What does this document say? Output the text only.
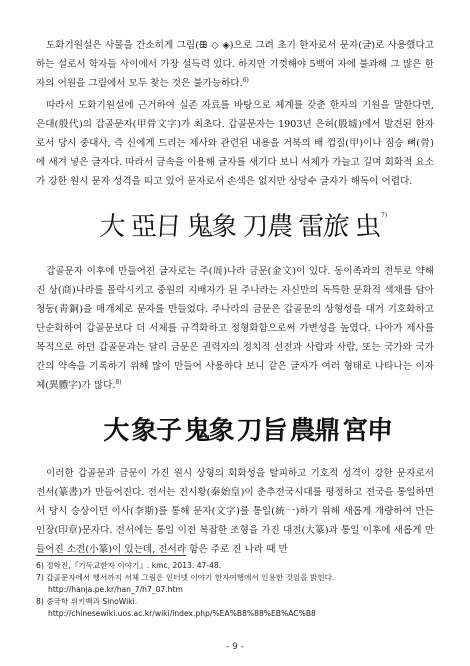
도화기원설은 사물을 간소히게 그림(ꕥ ◇ ◈)으로 그려 초기 한자로서 문자(글)로 사용했다고 하는 설로서 학자들 사이에서 가장 설득력 있다. 하지만 기껏해야 5백여 자에 불과해 그 많은 한자의 어원을 그림에서 모두 찾는 것은 불가능하다.$^{6)}$

따라서 도화기원설에 근거하여 실존 자료를 바탕으로 체계를 갖춘 한자의 기원을 말한다면, 은대(殷代)의 갑골문자(甲骨文字)가 최초다. 갑골문자는 1903년 은허(殷墟)에서 발견된 한자로서 당시 중대사, 즉 신에게 드리는 제사와 관련된 내용을 거북의 배 껍질(甲)이나 짐승 뼈(骨)에 새겨 넣은 글자다. 따라서 금속을 이용해 글자를 새기다 보니 서체가 가늘고 길며 회화적 요소가 강한 원시 문자 성격을 띠고 있어 문자로서 손색은 없지만 상당수 글자가 해독이 어렵다.

大 亞
日 鬼
象 刀
農 雷
旅 虫 7)

갑골문자 이후에 만들어진 글자로는 주(周)나라 금문(金文)이 있다. 동이족과의 전투로 약해진 상(商)나라를 몰락시키고 중원의 지배자가 된 주나라는 자신만의 독특한 문화적 색채를 담아 청동(靑銅)을 매개체로 문자를 만들었다. 주나라의 금문은 갑골문의 상형성을 대거 기호화하고 단순화하여 갑골문보다 더 서체를 규격화하고 정형화함으로써 가변성을 높였다. 나아가 제사를 목적으로 하던 갑골문과는 달리 금문은 권력자의 정치적 선전과 사람과 사람, 또는 국가와 국가 간의 약속을 기록하기 위해 많이 만들어 사용하다 보니 같은 글자가 여러 형태로 나타나는 이자체(異體字)가 많다.$^{8)}$

大 象
子 鬼
象 刀
旨 農
鼎 宮
申

이러한 갑골문과 금문이 가진 원시 상형의 회화성을 탈피하고 기호적 성격이 강한 문자로서 전서(篆書)가 만들어진다. 전서는 진시황(秦始皇)이 춘추전국시대를 평정하고 전국을 통일하면서 당시 승상이던 이사(李斯)를 통해 문자(文字)를 통일(統一)하기 위해 새롭게 개량하여 만든 인장(印章)문자다. 전서에는 통일 이전 복잡한 조형을 가진 대전(大篆)과 통일 이후에 새롭게 만들어진 소전(小篆)이 있는데, 전서라 함은 주로 진 나라 때 만

6) 정학진,『기독교한자 이야기』. kmc, 2013. 47-48.
7) 갑골문자에서 행서까지 서체 그림은 인터넷 이야기 한자여행에서 인용한 것임을 밝힌다.
http://hanja.pe.kr/han_7/h7_07.htm
8) 중국학 위키백과 SinoWiki.
http://chinesewiki.uos.ac.kr/wiki/index.php/%EA%B8%88%EB%AC%B8
- 9 -
